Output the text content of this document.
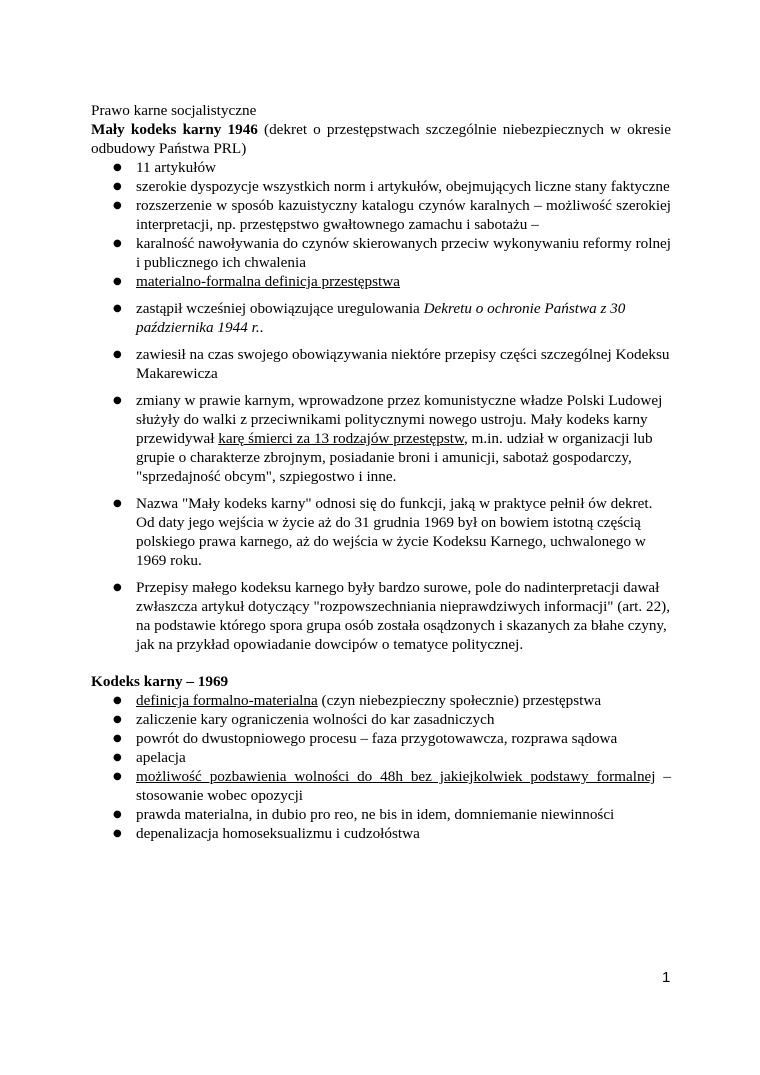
Prawo karne socjalistyczne

Mały kodeks karny 1946 (dekret o przestępstwach szczególnie niebezpiecznych w okresie odbudowy Państwa PRL)

● 11 artykułów
● szerokie dyspozycje wszystkich norm i artykułów, obejmujących liczne stany faktyczne
● rozszerzenie w sposób kazuistyczny katalogu czynów karalnych – możliwość szerokiej interpretacji, np. przestępstwo gwałtownego zamachu i sabotażu –
● karalność nawoływania do czynów skierowanych przeciw wykonywaniu reformy rolnej i publicznego ich chwalenia
● materialno-formalna definicja przestępstwa
● zastąpił wcześniej obowiązujące uregulowania Dekretu o ochronie Państwa z 30 października 1944 r..
● zawiesił na czas swojego obowiązywania niektóre przepisy części szczególnej Kodeksu Makarewicza
● zmiany w prawie karnym, wprowadzone przez komunistyczne władze Polski Ludowej służyły do walki z przeciwnikami politycznymi nowego ustroju. Mały kodeks karny przewidywał karę śmierci za 13 rodzajów przestępstw, m.in. udział w organizacji lub grupie o charakterze zbrojnym, posiadanie broni i amunicji, sabotaż gospodarczy, "sprzedajność obcym", szpiegostwo i inne.
● Nazwa "Mały kodeks karny" odnosi się do funkcji, jaką w praktyce pełnił ów dekret. Od daty jego wejścia w życie aż do 31 grudnia 1969 był on bowiem istotną częścią polskiego prawa karnego, aż do wejścia w życie Kodeksu Karnego, uchwalonego w 1969 roku.
● Przepisy małego kodeksu karnego były bardzo surowe, pole do nadinterpretacji dawał zwłaszcza artykuł dotyczący "rozpowszechniania nieprawdziwych informacji" (art. 22), na podstawie którego spora grupa osób została osądzonych i skazanych za błahe czyny, jak na przykład opowiadanie dowcipów o tematyce politycznej.

Kodeks karny – 1969

● definicja formalno-materialna (czyn niebezpieczny społecznie) przestępstwa
● zaliczenie kary ograniczenia wolności do kar zasadniczych
● powrót do dwustopniowego procesu – faza przygotowawcza, rozprawa sądowa
● apelacja
● możliwość pozbawienia wolności do 48h bez jakiejkolwiek podstawy formalnej – stosowanie wobec opozycji
● prawda materialna, in dubio pro reo, ne bis in idem, domniemanie niewinności
● depenalizacja homoseksualizmu i cudzołóstwa
1
